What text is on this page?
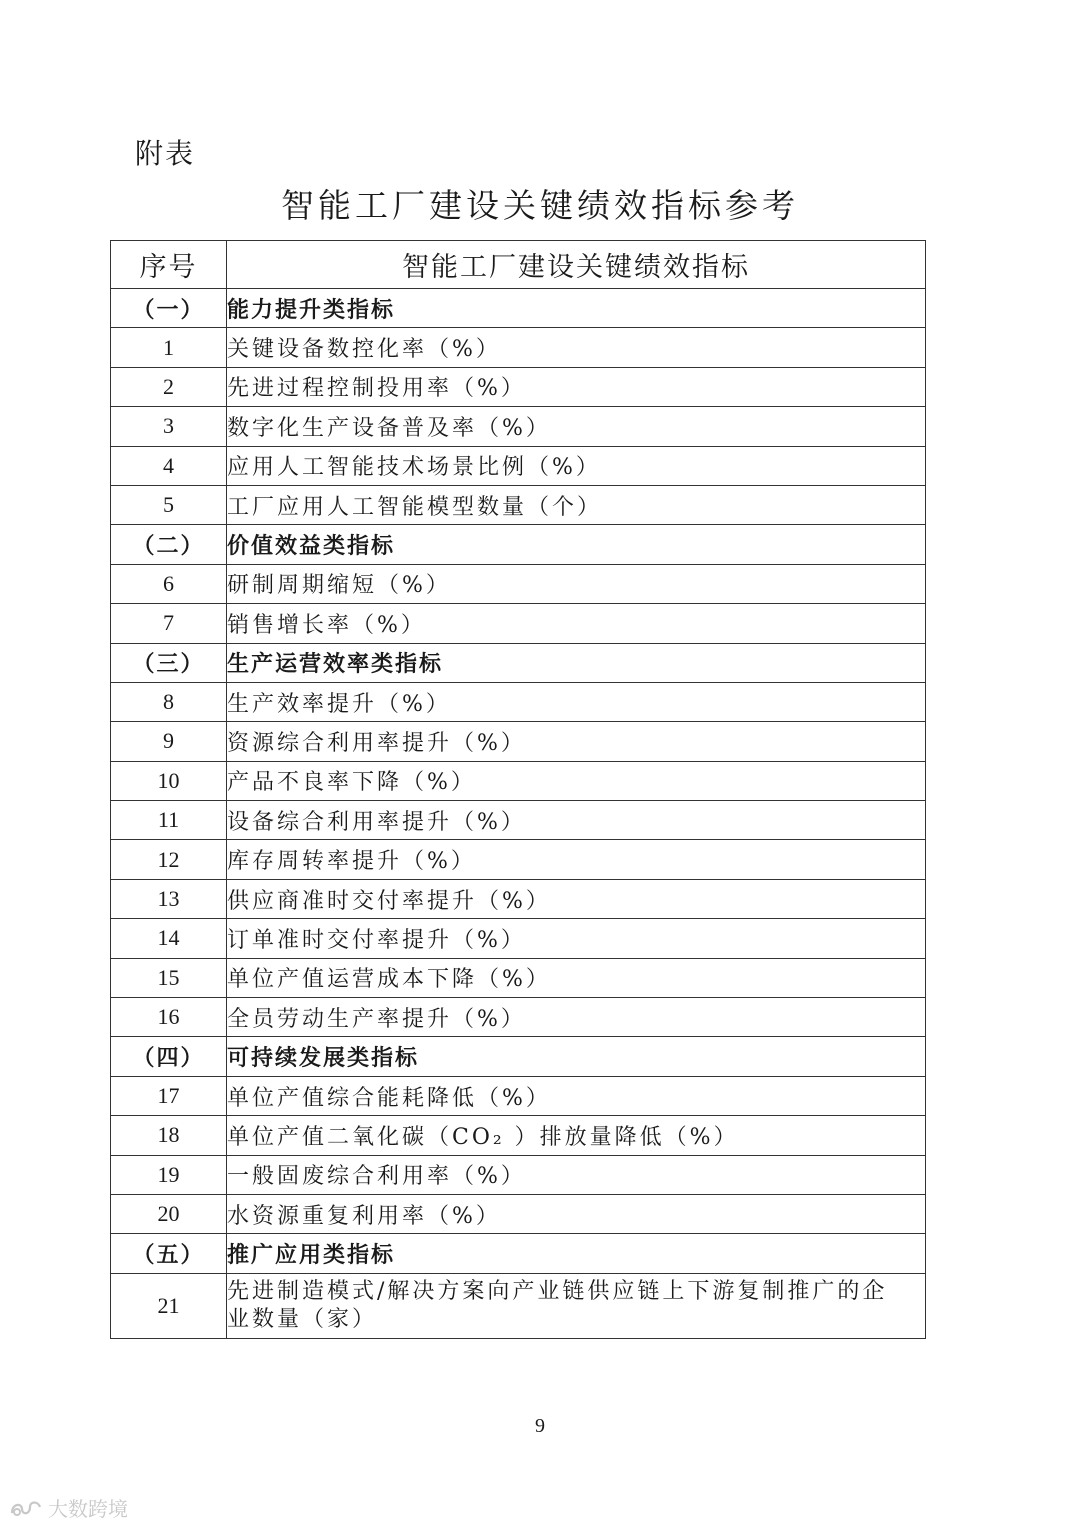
附表
智能工厂建设关键绩效指标参考
序号	智能工厂建设关键绩效指标
（一）	能力提升类指标
1	关键设备数控化率（%）
2	先进过程控制投用率（%）
3	数字化生产设备普及率（%）
4	应用人工智能技术场景比例（%）
5	工厂应用人工智能模型数量（个）
（二）	价值效益类指标
6	研制周期缩短（%）
7	销售增长率（%）
（三）	生产运营效率类指标
8	生产效率提升（%）
9	资源综合利用率提升（%）
10	产品不良率下降（%）
11	设备综合利用率提升（%）
12	库存周转率提升（%）
13	供应商准时交付率提升（%）
14	订单准时交付率提升（%）
15	单位产值运营成本下降（%）
16	全员劳动生产率提升（%）
（四）	可持续发展类指标
17	单位产值综合能耗降低（%）
18	单位产值二氧化碳（CO₂ ）排放量降低（%）
19	一般固废综合利用率（%）
20	水资源重复利用率（%）
（五）	推广应用类指标
21	先进制造模式/解决方案向产业链供应链上下游复制推广的企业数量（家）
9
大数跨境
